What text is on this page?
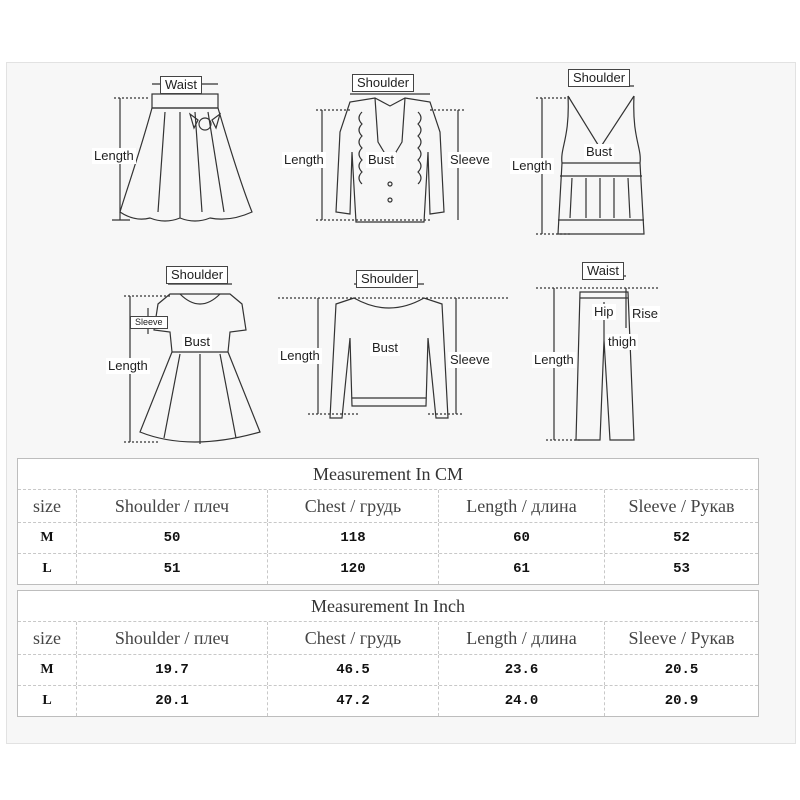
Waist
Length
Shoulder
Length	Bust	Sleeve
Shoulder
Length
Bust
Shoulder
Sleeve
Length
Bust
Shoulder
Length
Bust
Sleeve
Waist
Hip Rise
thigh
Length
Measurement In CM
size	Shoulder / плеч	Chest / грудь	Length / длина	Sleeve / Рукав
M	50	118	60	52
L	51	120	61	53
Measurement In Inch
size	Shoulder / плеч	Chest / грудь	Length / длина	Sleeve / Рукав
M	19.7	46.5	23.6	20.5
L	20.1	47.2	24.0	20.9
